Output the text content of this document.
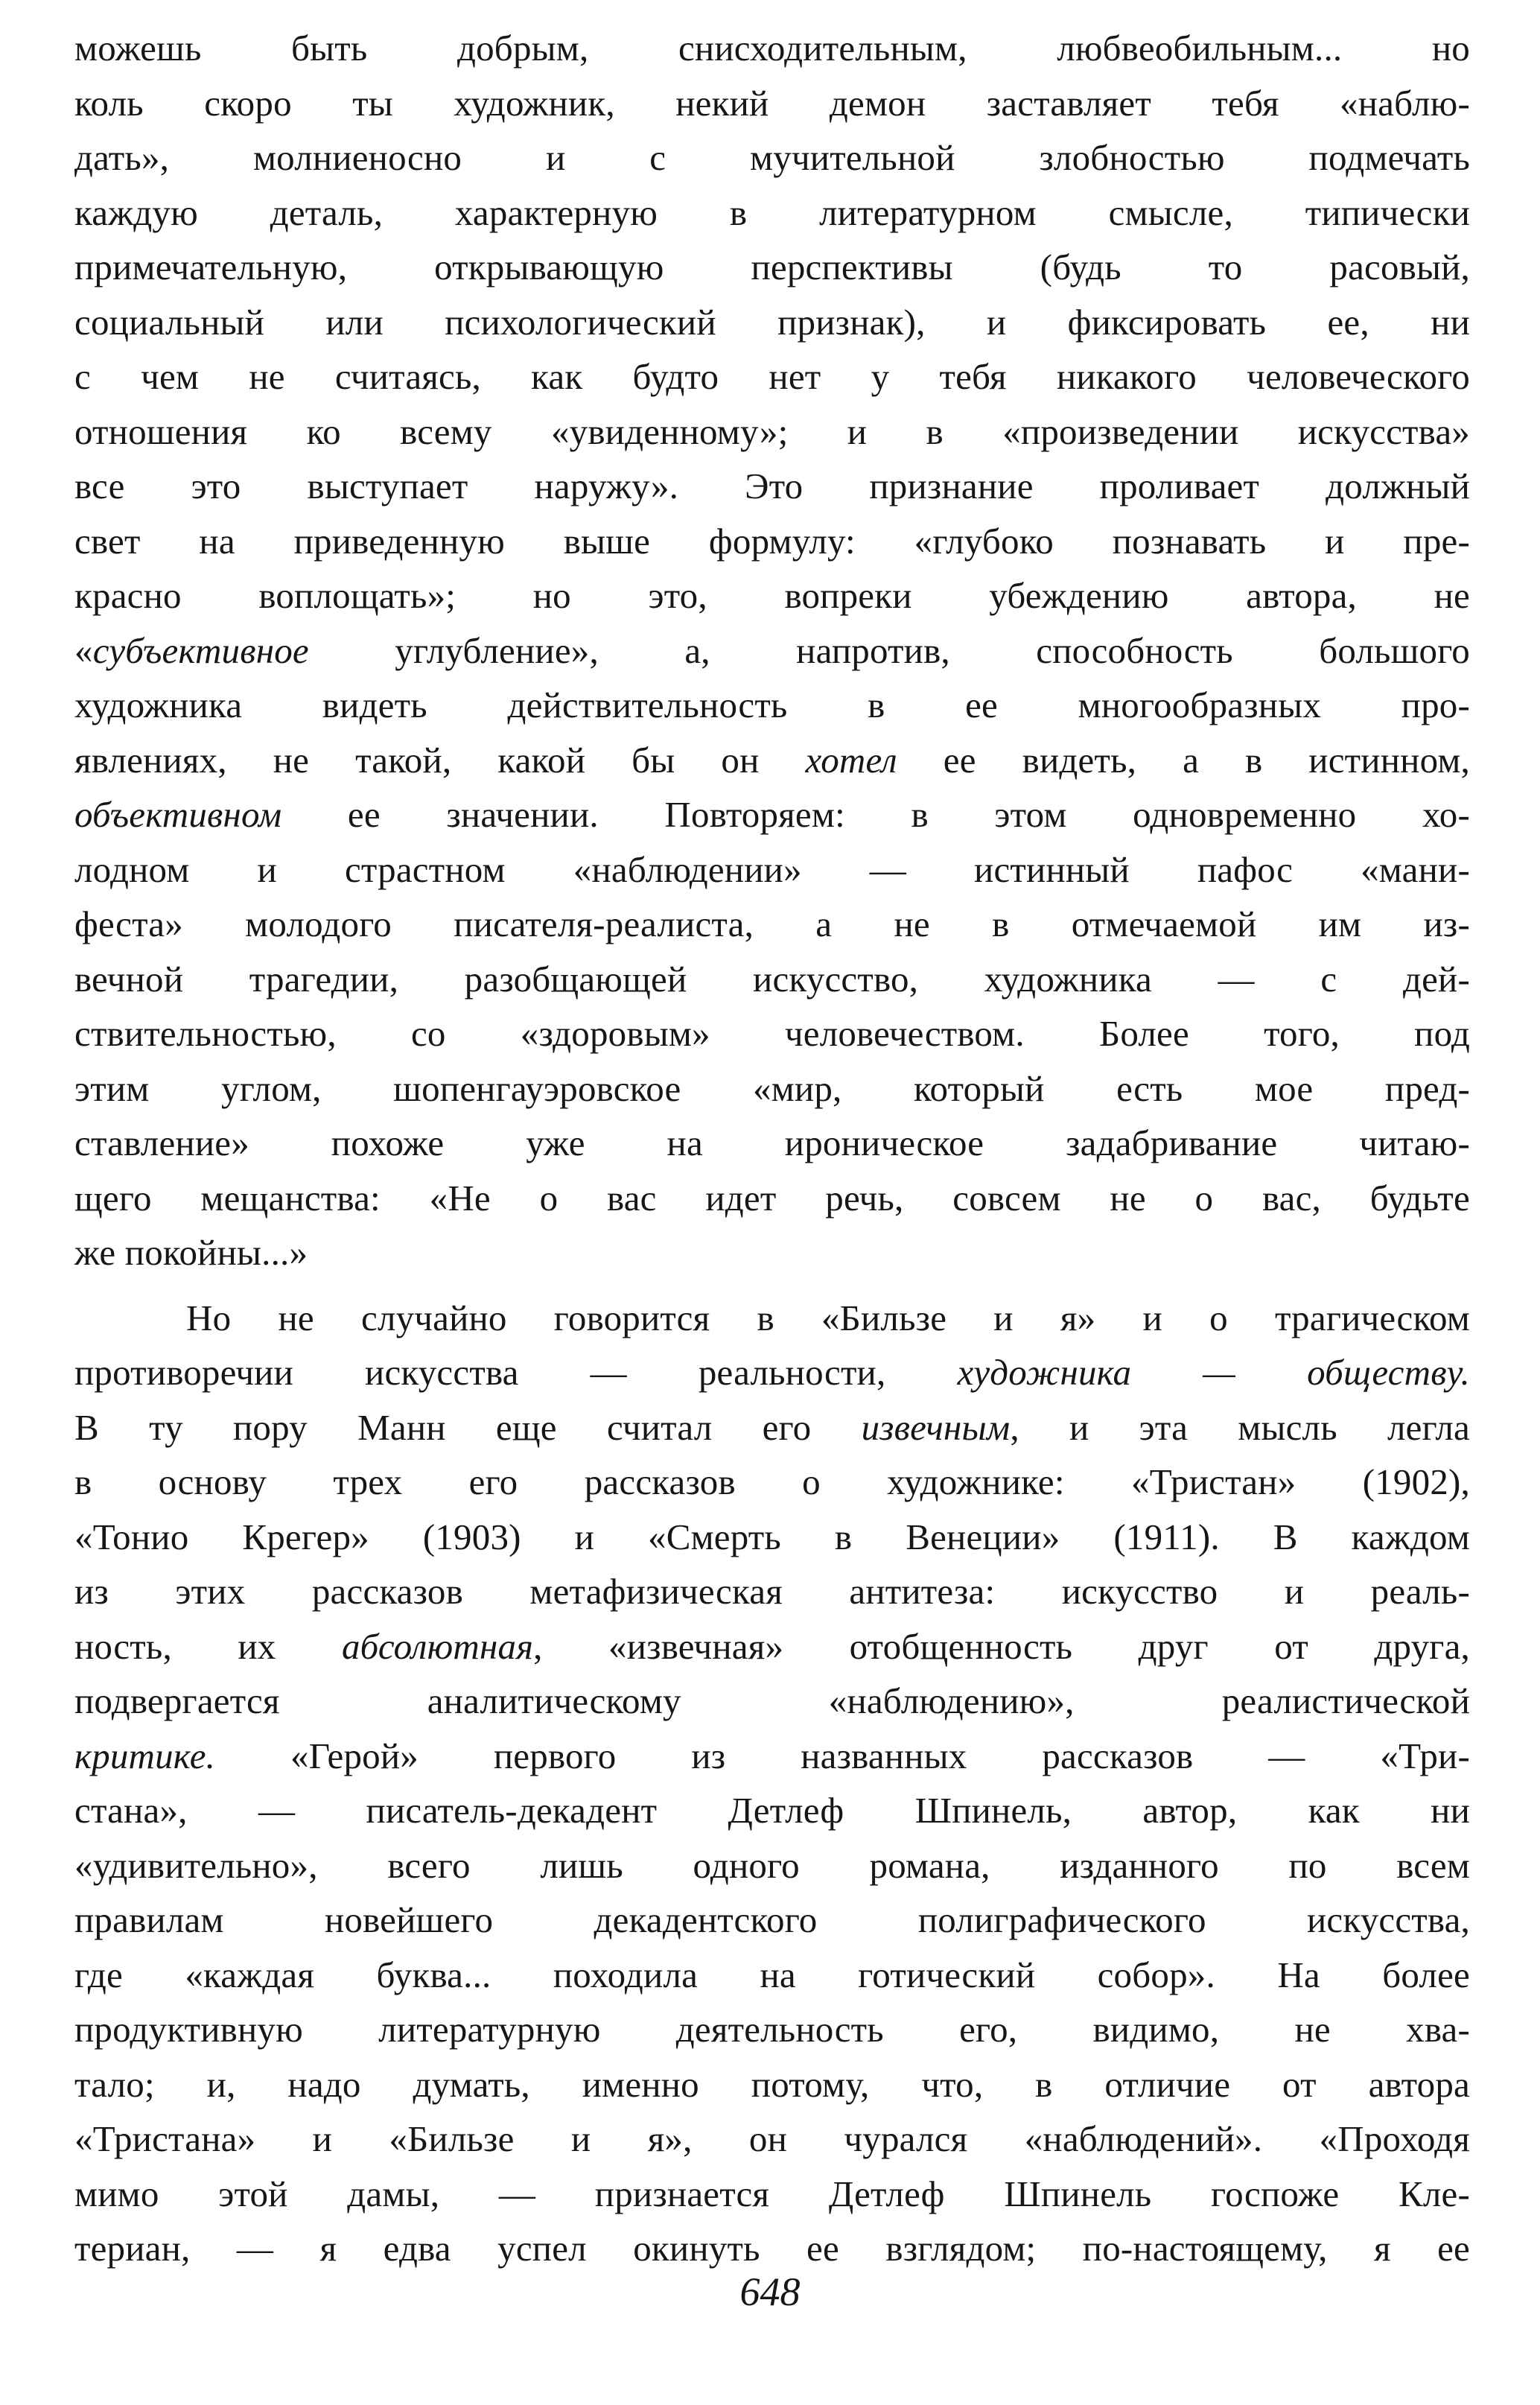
можешь быть добрым, снисходительным, любвеобильным... но
коль скоро ты художник, некий демон заставляет тебя «наблю-
дать», молниеносно и с мучительной злобностью подмечать
каждую деталь, характерную в литературном смысле, типически
примечательную, открывающую перспективы (будь то расовый,
социальный или психологический признак), и фиксировать ее, ни
с чем не считаясь, как будто нет у тебя никакого человеческого
отношения ко всему «увиденному»; и в «произведении искусства»
все это выступает наружу». Это признание проливает должный
свет на приведенную выше формулу: «глубоко познавать и пре-
красно воплощать»; но это, вопреки убеждению автора, не
«субъективное углубление», а, напротив, способность большого
художника видеть действительность в ее многообразных про-
явлениях, не такой, какой бы он хотел ее видеть, а в истинном,
объективном ее значении. Повторяем: в этом одновременно хо-
лодном и страстном «наблюдении» — истинный пафос «мани-
феста» молодого писателя-реалиста, а не в отмечаемой им из-
вечной трагедии, разобщающей искусство, художника — с дей-
ствительностью, со «здоровым» человечеством. Более того, под
этим углом, шопенгауэровское «мир, который есть мое пред-
ставление» похоже уже на ироническое задабривание читаю-
щего мещанства: «Не о вас идет речь, совсем не о вас, будьте
же покойны...»
Но не случайно говорится в «Бильзе и я» и о трагическом
противоречии искусства — реальности, художника — обществу.
В ту пору Манн еще считал его извечным, и эта мысль легла
в основу трех его рассказов о художнике: «Тристан» (1902),
«Тонио Крегер» (1903) и «Смерть в Венеции» (1911). В каждом
из этих рассказов метафизическая антитеза: искусство и реаль-
ность, их абсолютная, «извечная» отобщенность друг от друга,
подвергается аналитическому «наблюдению», реалистической
критике. «Герой» первого из названных рассказов — «Три-
стана», — писатель-декадент Детлеф Шпинель, автор, как ни
«удивительно», всего лишь одного романа, изданного по всем
правилам новейшего декадентского полиграфического искусства,
где «каждая буква... походила на готический собор». На более
продуктивную литературную деятельность его, видимо, не хва-
тало; и, надо думать, именно потому, что, в отличие от автора
«Тристана» и «Бильзе и я», он чурался «наблюдений». «Проходя
мимо этой дамы, — признается Детлеф Шпинель госпоже Кле-
териан, — я едва успел окинуть ее взглядом; по-настоящему, я ее
648
